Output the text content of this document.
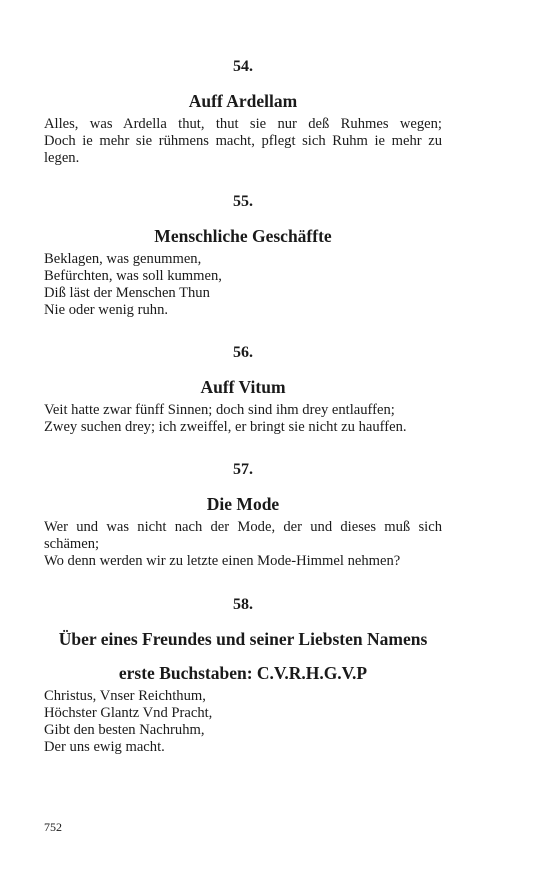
54.

Auff Ardellam

Alles, was Ardella thut, thut sie nur deß Ruhmes wegen;
Doch ie mehr sie rühmens macht, pflegt sich Ruhm ie mehr zu
legen.

55.

Menschliche Geschäffte

Beklagen, was genummen,
Befürchten, was soll kummen,
Diß läst der Menschen Thun
Nie oder wenig ruhn.

56.

Auff Vitum

Veit hatte zwar fünff Sinnen; doch sind ihm drey entlauffen;
Zwey suchen drey; ich zweiffel, er bringt sie nicht zu hauffen.

57.

Die Mode

Wer und was nicht nach der Mode, der und dieses muß sich
schämen;
Wo denn werden wir zu letzte einen Mode-Himmel nehmen?

58.

Über eines Freundes und seiner Liebsten Namens

erste Buchstaben: C.V.R.H.G.V.P

Christus, Vnser Reichthum,
Höchster Glantz Vnd Pracht,
Gibt den besten Nachruhm,
Der uns ewig macht.

752
